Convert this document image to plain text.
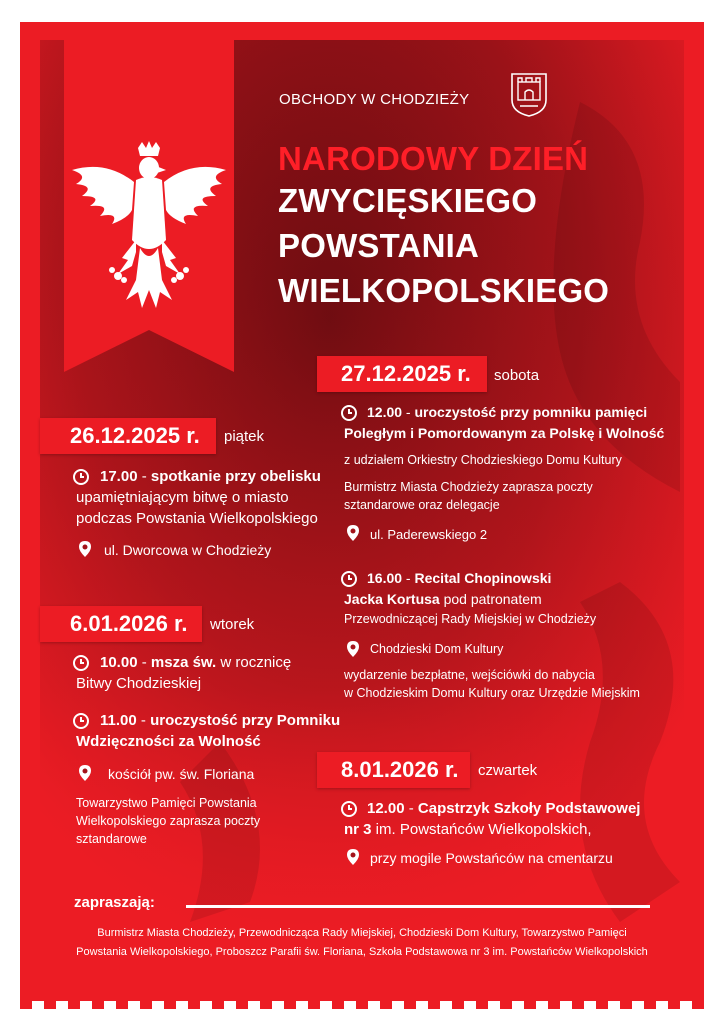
OBCHODY W CHODZIEŻY
NARODOWY DZIEŃ
ZWYCIĘSKIEGO
POWSTANIA
WIELKOPOLSKIEGO
26.12.2025 r.	piątek
17.00 - spotkanie przy obelisku
upamiętniającym bitwę o miasto
podczas Powstania Wielkopolskiego
ul. Dworcowa w Chodzieży
6.01.2026 r.	wtorek
10.00 - msza św. w rocznicę
Bitwy Chodzieskiej
11.00 - uroczystość przy Pomniku
Wdzięczności za Wolność
kościół pw. św. Floriana
Towarzystwo Pamięci Powstania
Wielkopolskiego zaprasza poczty
sztandarowe
27.12.2025 r.	sobota
12.00 - uroczystość przy pomniku pamięci
Poległym i Pomordowanym za Polskę i Wolność
z udziałem Orkiestry Chodzieskiego Domu Kultury
Burmistrz Miasta Chodzieży zaprasza poczty
sztandarowe oraz delegacje
ul. Paderewskiego 2
16.00 - Recital Chopinowski
Jacka Kortusa pod patronatem
Przewodniczącej Rady Miejskiej w Chodzieży
Chodzieski Dom Kultury
wydarzenie bezpłatne, wejściówki do nabycia
w Chodzieskim Domu Kultury oraz Urzędzie Miejskim
8.01.2026 r.	czwartek
12.00 - Capstrzyk Szkoły Podstawowej
nr 3 im. Powstańców Wielkopolskich,
przy mogile Powstańców na cmentarzu
zapraszają:
Burmistrz Miasta Chodzieży, Przewodnicząca Rady Miejskiej, Chodzieski Dom Kultury, Towarzystwo Pamięci
Powstania Wielkopolskiego, Proboszcz Parafii św. Floriana, Szkoła Podstawowa nr 3 im. Powstańców Wielkopolskich
